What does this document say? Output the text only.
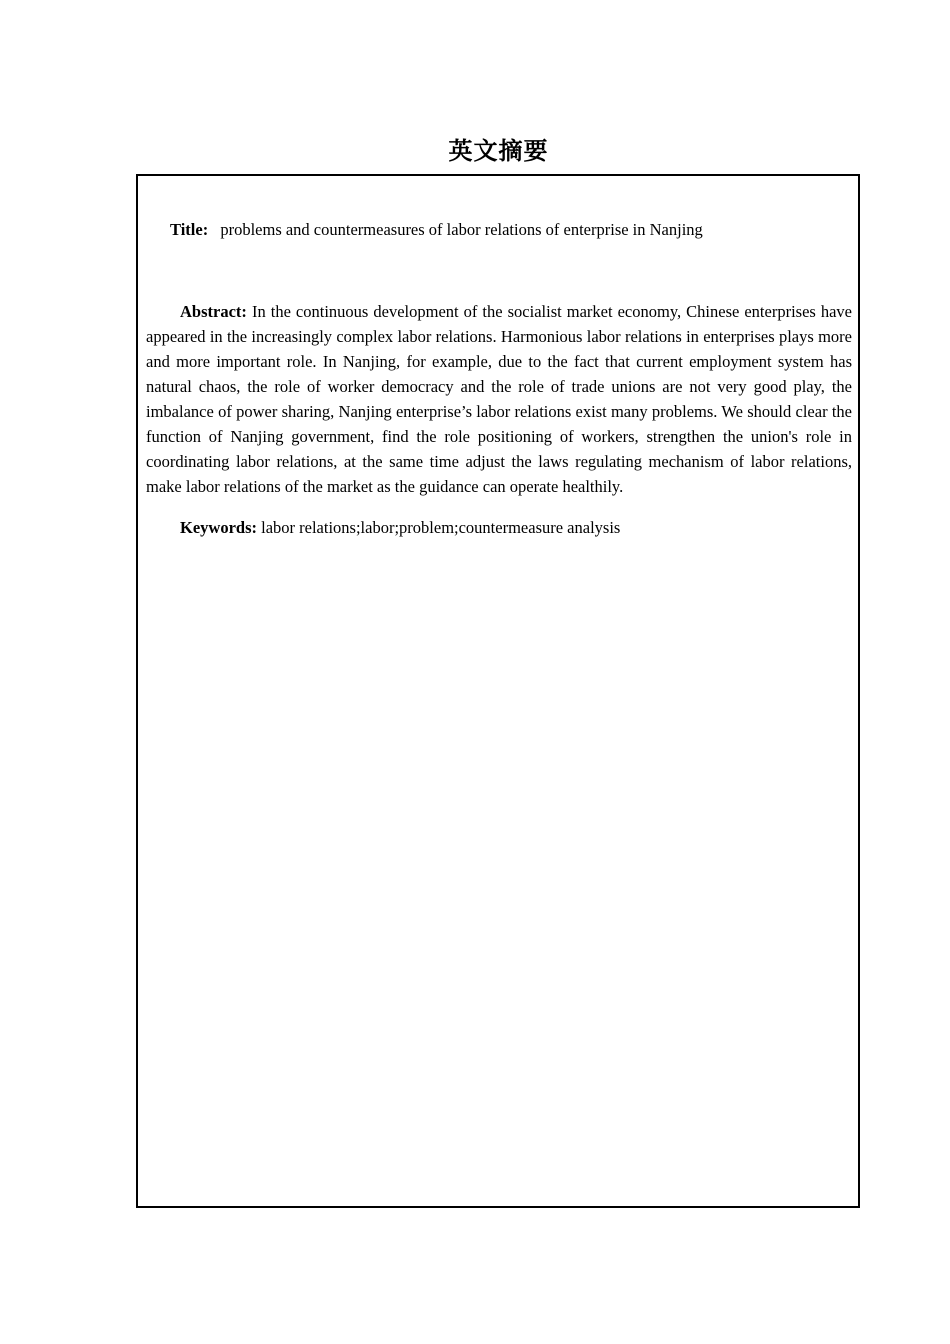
英文摘要
Title: problems and countermeasures of labor relations of enterprise in Nanjing

Abstract: In the continuous development of the socialist market economy, Chinese enterprises have appeared in the increasingly complex labor relations. Harmonious labor relations in enterprises plays more and more important role. In Nanjing, for example, due to the fact that current employment system has natural chaos, the role of worker democracy and the role of trade unions are not very good play, the imbalance of power sharing, Nanjing enterprise’s labor relations exist many problems. We should clear the function of Nanjing government, find the role positioning of workers, strengthen the union's role in coordinating labor relations, at the same time adjust the laws regulating mechanism of labor relations, make labor relations of the market as the guidance can operate healthily.

Keywords: labor relations;labor;problem;countermeasure analysis
